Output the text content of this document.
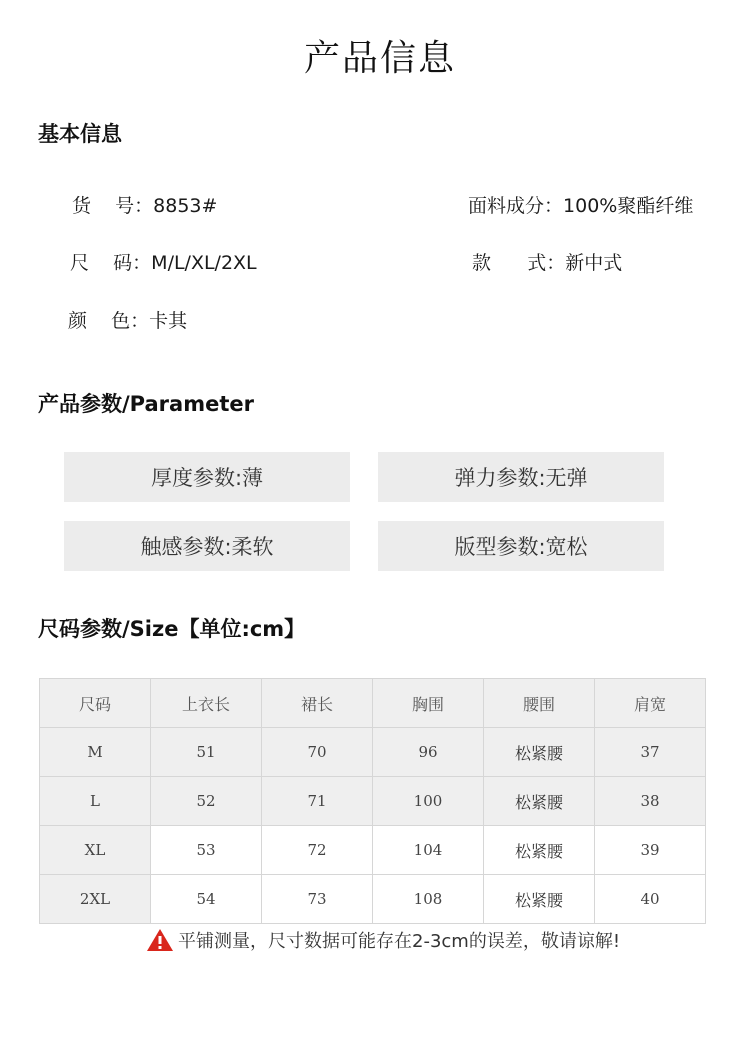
产品信息
基本信息
货    号：8853#	面料成分：100%聚酯纤维
尺    码：M/L/XL/2XL	款      式：新中式
颜    色：卡其
产品参数/Parameter
厚度参数:薄	弹力参数:无弹
触感参数:柔软	版型参数:宽松
尺码参数/Size【单位:cm】
尺码	上衣长	裙长	胸围	腰围	肩宽
M	51	70	96	松紧腰	37
L	52	71	100	松紧腰	38
XL	53	72	104	松紧腰	39
2XL	54	73	108	松紧腰	40
平铺测量，尺寸数据可能存在2-3cm的误差，敬请谅解!
